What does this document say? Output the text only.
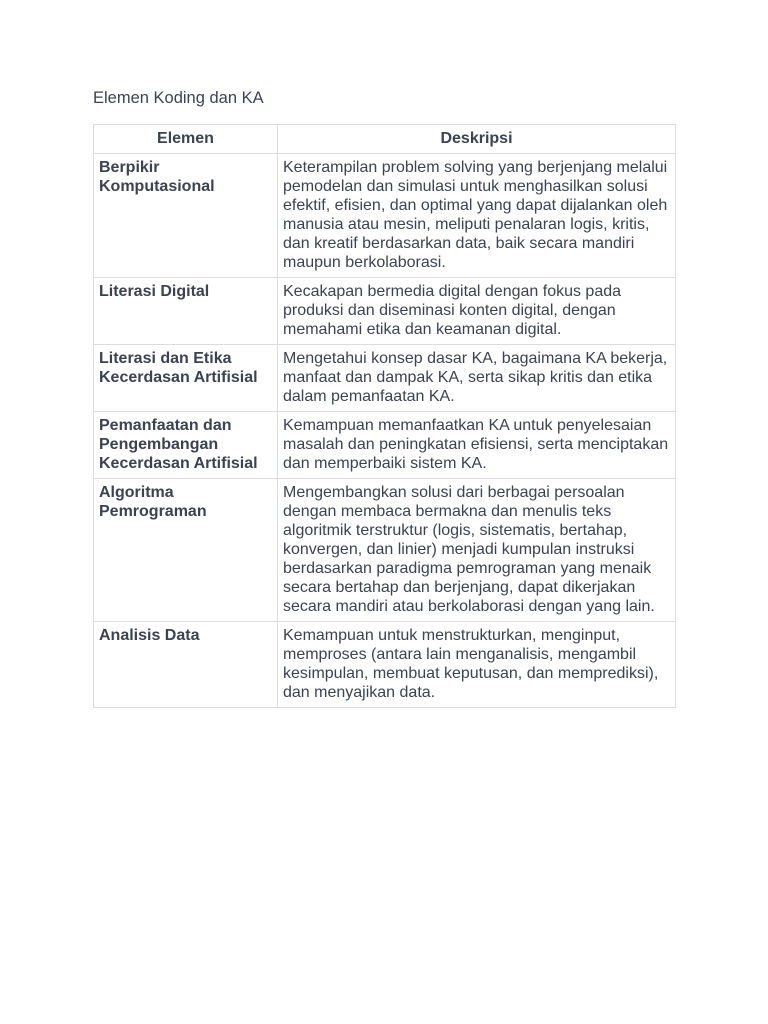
Elemen Koding dan KA
Elemen	Deskripsi
Berpikir Komputasional	Keterampilan problem solving yang berjenjang melalui pemodelan dan simulasi untuk menghasilkan solusi efektif, efisien, dan optimal yang dapat dijalankan oleh manusia atau mesin, meliputi penalaran logis, kritis, dan kreatif berdasarkan data, baik secara mandiri maupun berkolaborasi.
Literasi Digital	Kecakapan bermedia digital dengan fokus pada produksi dan diseminasi konten digital, dengan memahami etika dan keamanan digital.
Literasi dan Etika Kecerdasan Artifisial	Mengetahui konsep dasar KA, bagaimana KA bekerja, manfaat dan dampak KA, serta sikap kritis dan etika dalam pemanfaatan KA.
Pemanfaatan dan Pengembangan Kecerdasan Artifisial	Kemampuan memanfaatkan KA untuk penyelesaian masalah dan peningkatan efisiensi, serta menciptakan dan memperbaiki sistem KA.
Algoritma Pemrograman	Mengembangkan solusi dari berbagai persoalan dengan membaca bermakna dan menulis teks algoritmik terstruktur (logis, sistematis, bertahap, konvergen, dan linier) menjadi kumpulan instruksi berdasarkan paradigma pemrograman yang menaik secara bertahap dan berjenjang, dapat dikerjakan secara mandiri atau berkolaborasi dengan yang lain.
Analisis Data	Kemampuan untuk menstrukturkan, menginput, memproses (antara lain menganalisis, mengambil kesimpulan, membuat keputusan, dan memprediksi), dan menyajikan data.
